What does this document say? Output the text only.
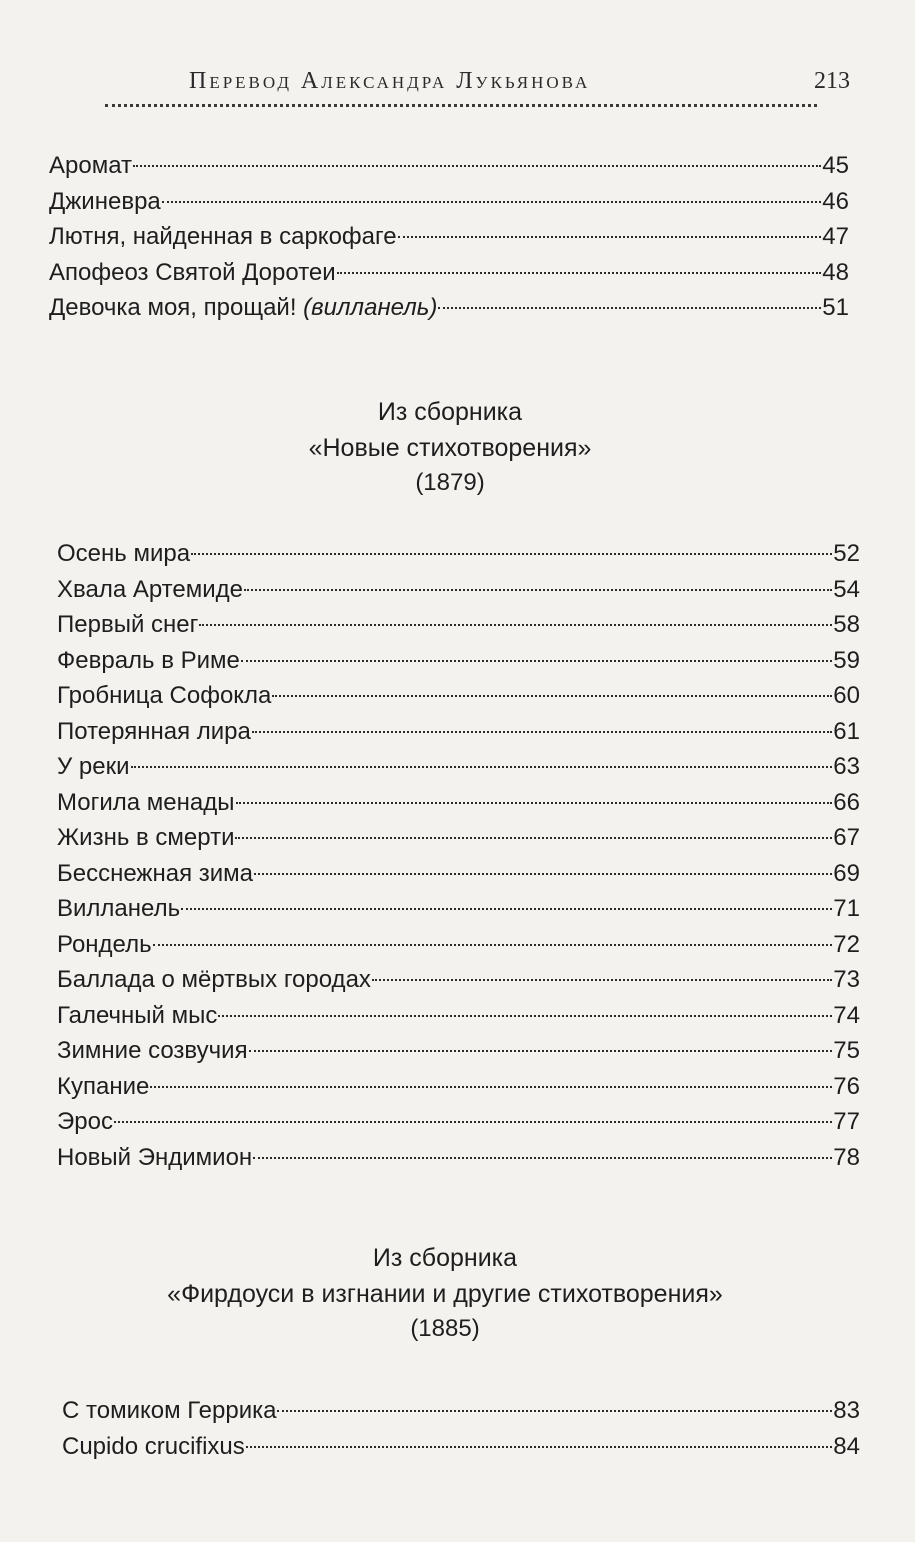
Перевод Александра Лукьянова	213
Аромат	45
Джиневра	46
Лютня, найденная в саркофаге	47
Апофеоз Святой Доротеи	48
Девочка моя, прощай! (вилланель)	51
Из сборника
«Новые стихотворения»
(1879)
Осень мира	52
Хвала Артемиде	54
Первый снег	58
Февраль в Риме	59
Гробница Софокла	60
Потерянная лира	61
У реки	63
Могила менады	66
Жизнь в смерти	67
Бесснежная зима	69
Вилланель	71
Рондель	72
Баллада о мёртвых городах	73
Галечный мыс	74
Зимние созвучия	75
Купание	76
Эрос	77
Новый Эндимион	78
Из сборника
«Фирдоуси в изгнании и другие стихотворения»
(1885)
С томиком Геррика	83
Cupido crucifixus	84
